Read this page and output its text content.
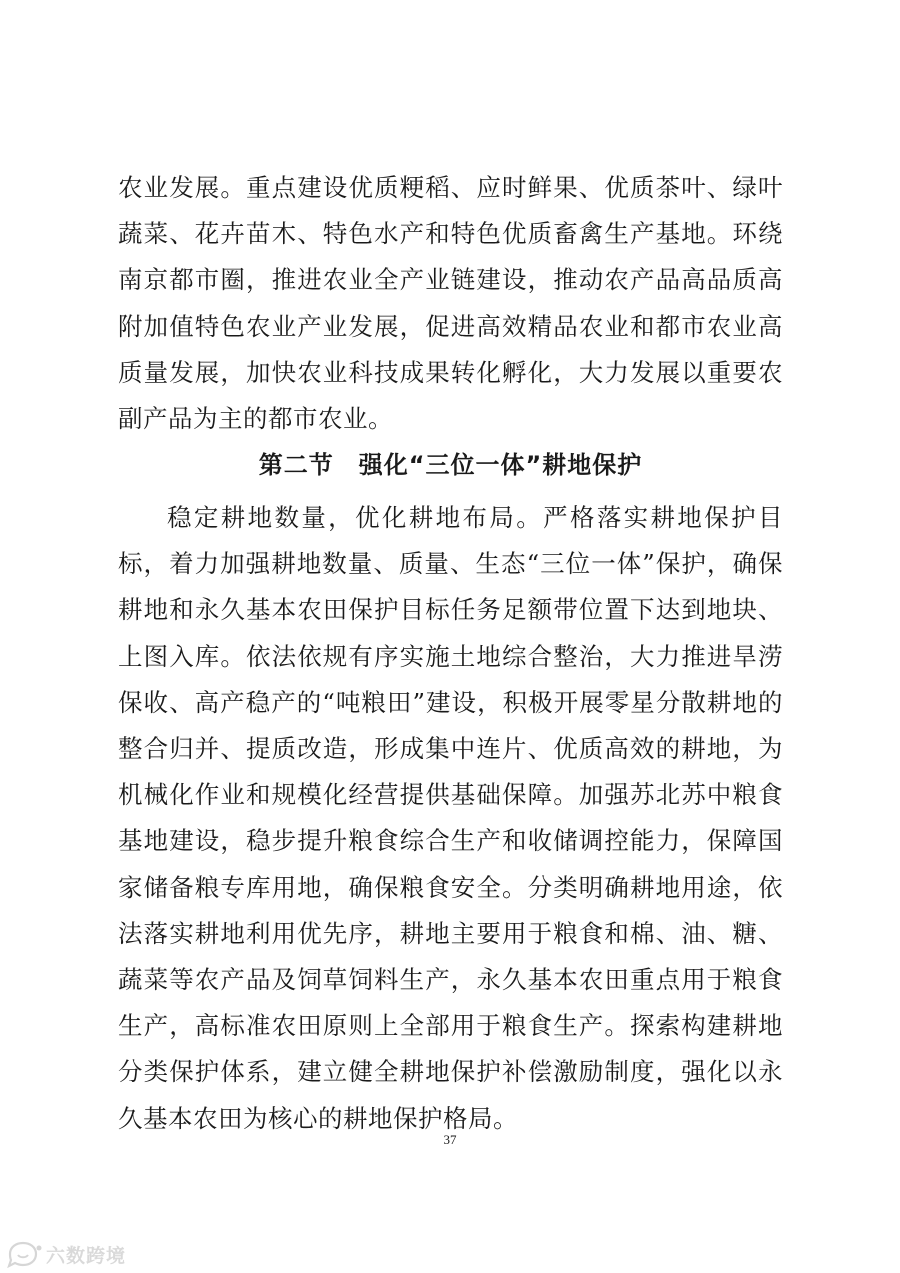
农业发展。重点建设优质粳稻、应时鲜果、优质茶叶、绿叶蔬菜、花卉苗木、特色水产和特色优质畜禽生产基地。环绕南京都市圈，推进农业全产业链建设，推动农产品高品质高附加值特色农业产业发展，促进高效精品农业和都市农业高质量发展，加快农业科技成果转化孵化，大力发展以重要农副产品为主的都市农业。

第二节　强化“三位一体”耕地保护

稳定耕地数量，优化耕地布局。严格落实耕地保护目标，着力加强耕地数量、质量、生态“三位一体”保护，确保耕地和永久基本农田保护目标任务足额带位置下达到地块、上图入库。依法依规有序实施土地综合整治，大力推进旱涝保收、高产稳产的“吨粮田”建设，积极开展零星分散耕地的整合归并、提质改造，形成集中连片、优质高效的耕地，为机械化作业和规模化经营提供基础保障。加强苏北苏中粮食基地建设，稳步提升粮食综合生产和收储调控能力，保障国家储备粮专库用地，确保粮食安全。分类明确耕地用途，依法落实耕地利用优先序，耕地主要用于粮食和棉、油、糖、蔬菜等农产品及饲草饲料生产，永久基本农田重点用于粮食生产，高标准农田原则上全部用于粮食生产。探索构建耕地分类保护体系，建立健全耕地保护补偿激励制度，强化以永久基本农田为核心的耕地保护格局。

37
六数跨境
